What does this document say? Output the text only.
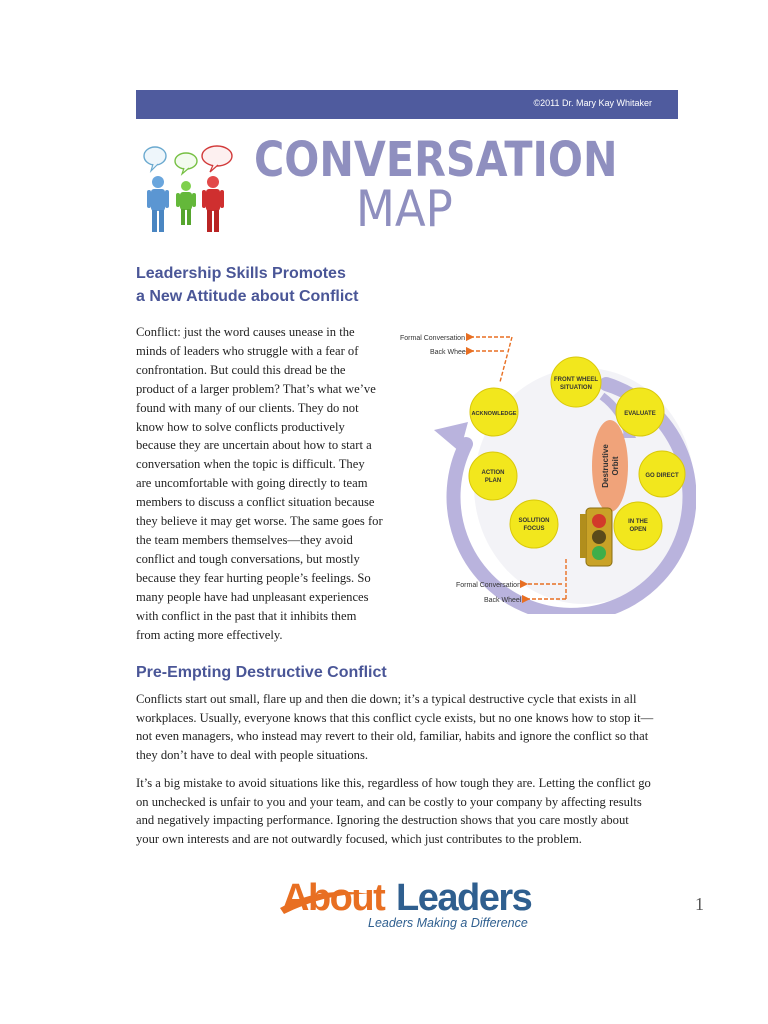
©2011 Dr. Mary Kay Whitaker
CONVERSATION
MAP
Leadership Skills Promotes
a New Attitude about Conflict

Conflict: just the word causes unease in the

minds of leaders who struggle with a fear of

confrontation. But could this dread be the

product of a larger problem? That’s what we’ve

found with many of our clients. They do not

know how to solve conflicts productively

because they are uncertain about how to start a

conversation when the topic is difficult. They

are uncomfortable with going directly to team

members to discuss a conflict situation because

they believe it may get worse. The same goes for

the team members themselves—they avoid

conflict and tough conversations, but mostly

because they fear hurting people’s feelings. So

many people have had unpleasant experiences

with conflict in the past that it inhibits them

from acting more effectively.

Destructive Orbit
Formal Conversation
Back Wheel
Formal Conversation
Back Wheel
FRONT WHEEL
SITUATION
EVALUATE
GO DIRECT
IN THE
OPEN
SOLUTION
FOCUS
ACTION
PLAN
ACKNOWLEDGE
Pre-Empting Destructive Conflict
Conflicts start out small, flare up and then die down; it’s a typical destructive cycle that exists in all
workplaces. Usually, everyone knows that this conflict cycle exists, but no one knows how to stop it—
not even managers, who instead may revert to their old, familiar, habits and ignore the conflict so that
they don’t have to deal with people situations.
It’s a big mistake to avoid situations like this, regardless of how tough they are. Letting the conflict go
on unchecked is unfair to you and your team, and can be costly to your company by affecting results
and negatively impacting performance. Ignoring the destruction shows that you care mostly about
your own interests and are not outwardly focused, which just contributes to the problem.
About Leaders
Leaders Making a Difference
1
